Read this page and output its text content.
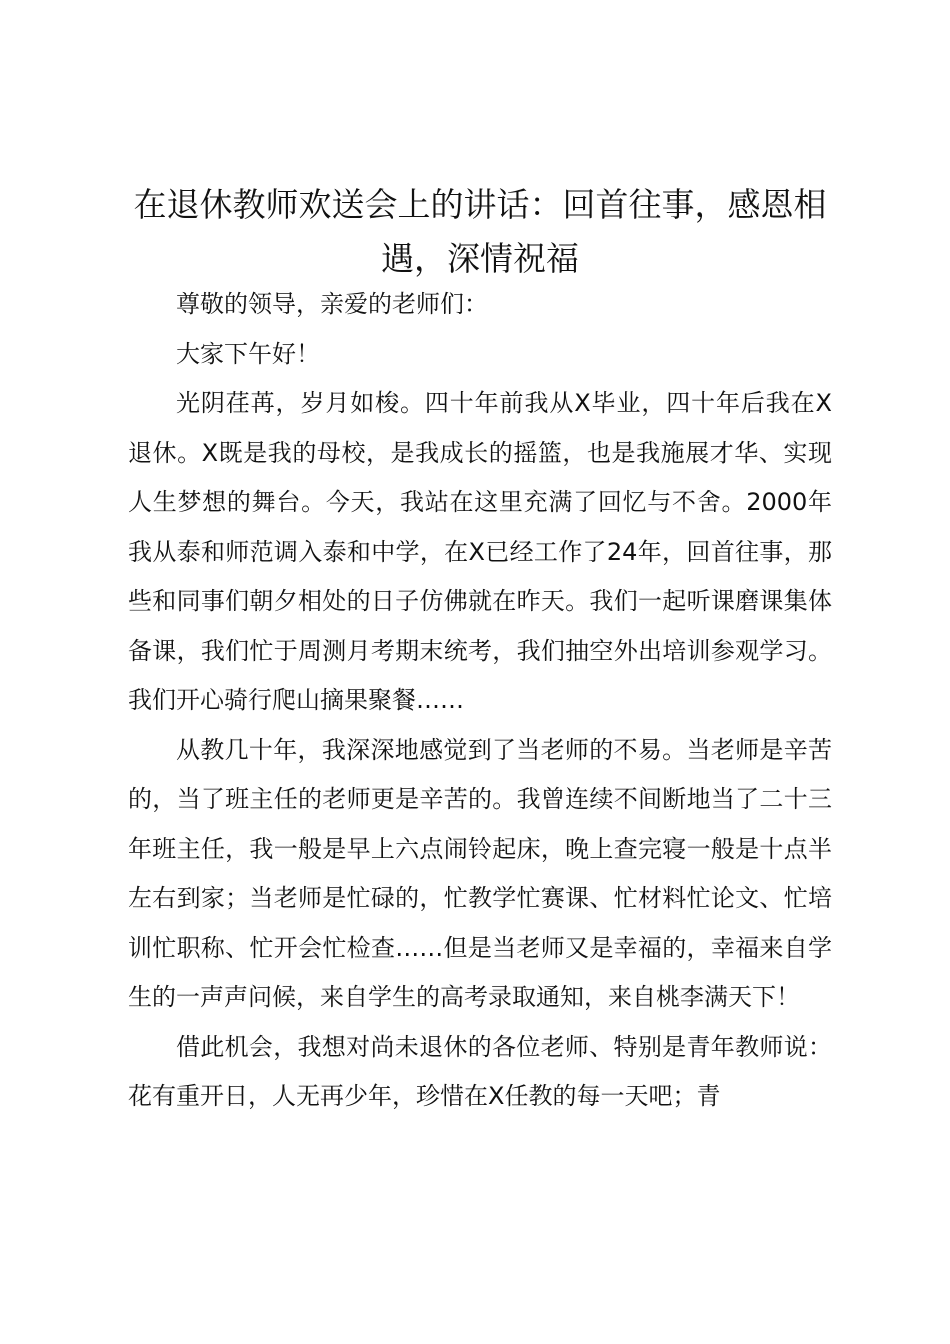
在退休教师欢送会上的讲话：回首往事，感恩相遇，深情祝福

尊敬的领导，亲爱的老师们：

大家下午好！

光阴荏苒，岁月如梭。四十年前我从X毕业，四十年后我在X退休。X既是我的母校，是我成长的摇篮，也是我施展才华、实现人生梦想的舞台。今天，我站在这里充满了回忆与不舍。2000年我从泰和师范调入泰和中学，在X已经工作了24年，回首往事，那些和同事们朝夕相处的日子仿佛就在昨天。我们一起听课磨课集体备课，我们忙于周测月考期末统考，我们抽空外出培训参观学习。我们开心骑行爬山摘果聚餐……

从教几十年，我深深地感觉到了当老师的不易。当老师是辛苦的，当了班主任的老师更是辛苦的。我曾连续不间断地当了二十三年班主任，我一般是早上六点闹铃起床，晚上查完寝一般是十点半左右到家；当老师是忙碌的，忙教学忙赛课、忙材料忙论文、忙培训忙职称、忙开会忙检查……但是当老师又是幸福的，幸福来自学生的一声声问候，来自学生的高考录取通知，来自桃李满天下！

借此机会，我想对尚未退休的各位老师、特别是青年教师说：花有重开日，人无再少年，珍惜在X任教的每一天吧；青
